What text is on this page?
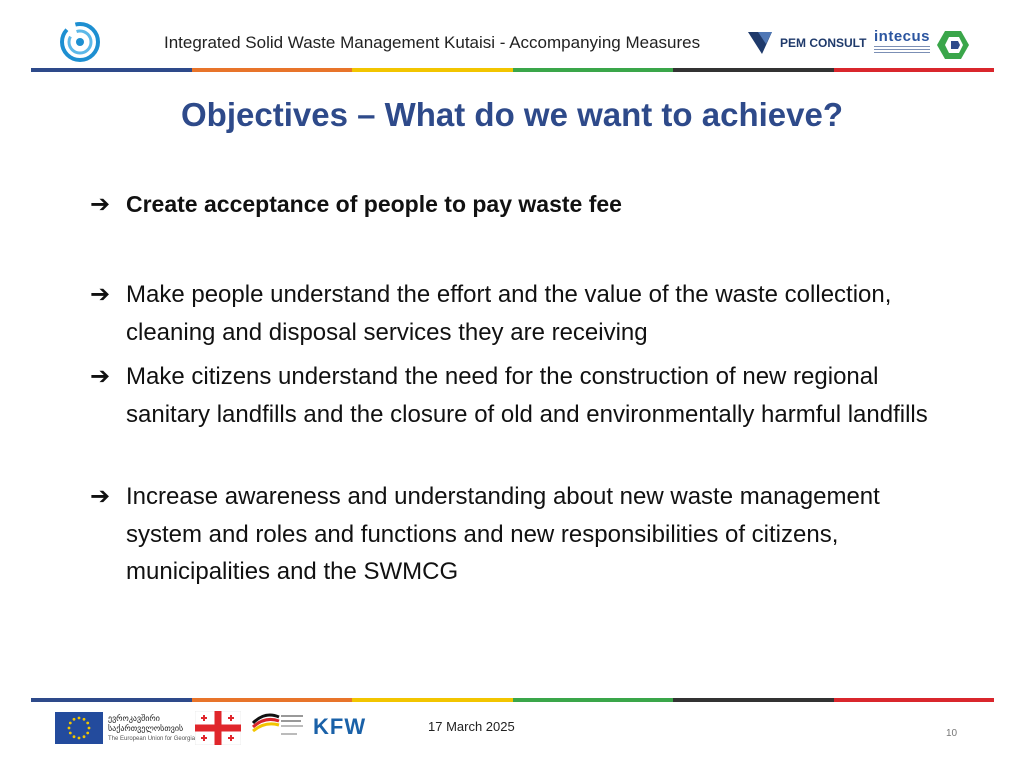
Integrated Solid Waste Management Kutaisi - Accompanying Measures	PEM CONSULT intecus
Objectives – What do we want to achieve?
➔ Create acceptance of people to pay waste fee
➔ Make people understand the effort and the value of the waste collection, cleaning and disposal services they are receiving
➔ Make citizens understand the need for the construction of new regional sanitary landfills and the closure of old and environmentally harmful landfills
➔ Increase awareness and understanding about new waste management system and roles and functions and new responsibilities of citizens, municipalities and the SWMCG
ევროკავშირი
საქართველოსთვის
The European Union for Georgia	KFW	17 March 2025	10
